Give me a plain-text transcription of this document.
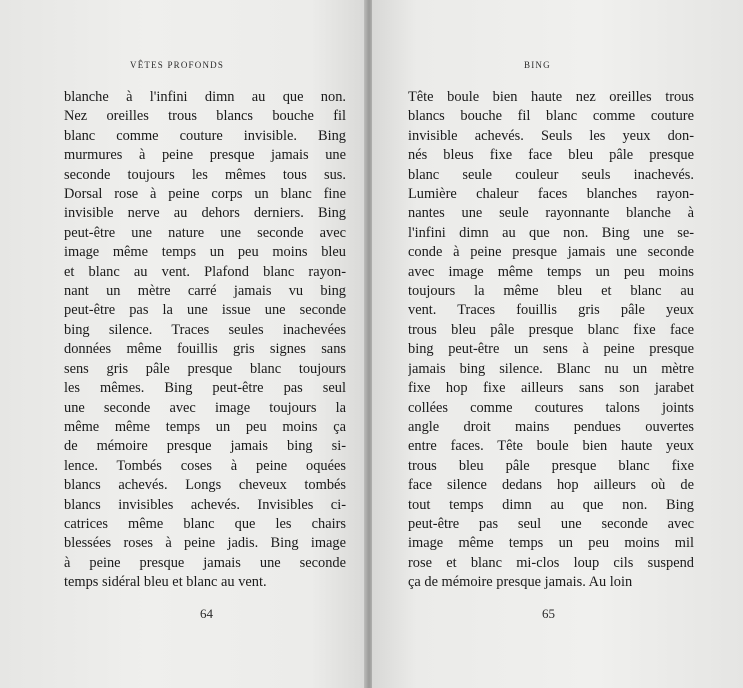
VÊTES PROFONDS
blanche à l'infini dimn au que non.
Nez oreilles trous blancs bouche fil
blanc comme couture invisible. Bing
murmures à peine presque jamais une
seconde toujours les mêmes tous sus.
Dorsal rose à peine corps un blanc fine
invisible nerve au dehors derniers. Bing
peut-être une nature une seconde avec
image même temps un peu moins bleu
et blanc au vent. Plafond blanc rayon-
nant un mètre carré jamais vu bing
peut-être pas la une issue une seconde
bing silence. Traces seules inachevées
données même fouillis gris signes sans
sens gris pâle presque blanc toujours
les mêmes. Bing peut-être pas seul
une seconde avec image toujours la
même même temps un peu moins ça
de mémoire presque jamais bing si-
lence. Tombés coses à peine oquées
blancs achevés. Longs cheveux tombés
blancs invisibles achevés. Invisibles ci-
catrices même blanc que les chairs
blessées roses à peine jadis. Bing image
à peine presque jamais une seconde
temps sidéral bleu et blanc au vent.
64
BING
Tête boule bien haute nez oreilles trous
blancs bouche fil blanc comme couture
invisible achevés. Seuls les yeux don-
nés bleus fixe face bleu pâle presque
blanc seule couleur seuls inachevés.
Lumière chaleur faces blanches rayon-
nantes une seule rayonnante blanche à
l'infini dimn au que non. Bing une se-
conde à peine presque jamais une seconde
avec image même temps un peu moins
toujours la même bleu et blanc au
vent. Traces fouillis gris pâle yeux
trous bleu pâle presque blanc fixe face
bing peut-être un sens à peine presque
jamais bing silence. Blanc nu un mètre
fixe hop fixe ailleurs sans son jarabet
collées comme coutures talons joints
angle droit mains pendues ouvertes
entre faces. Tête boule bien haute yeux
trous bleu pâle presque blanc fixe
face silence dedans hop ailleurs où de
tout temps dimn au que non. Bing
peut-être pas seul une seconde avec
image même temps un peu moins mil
rose et blanc mi-clos loup cils suspend
ça de mémoire presque jamais. Au loin
65
